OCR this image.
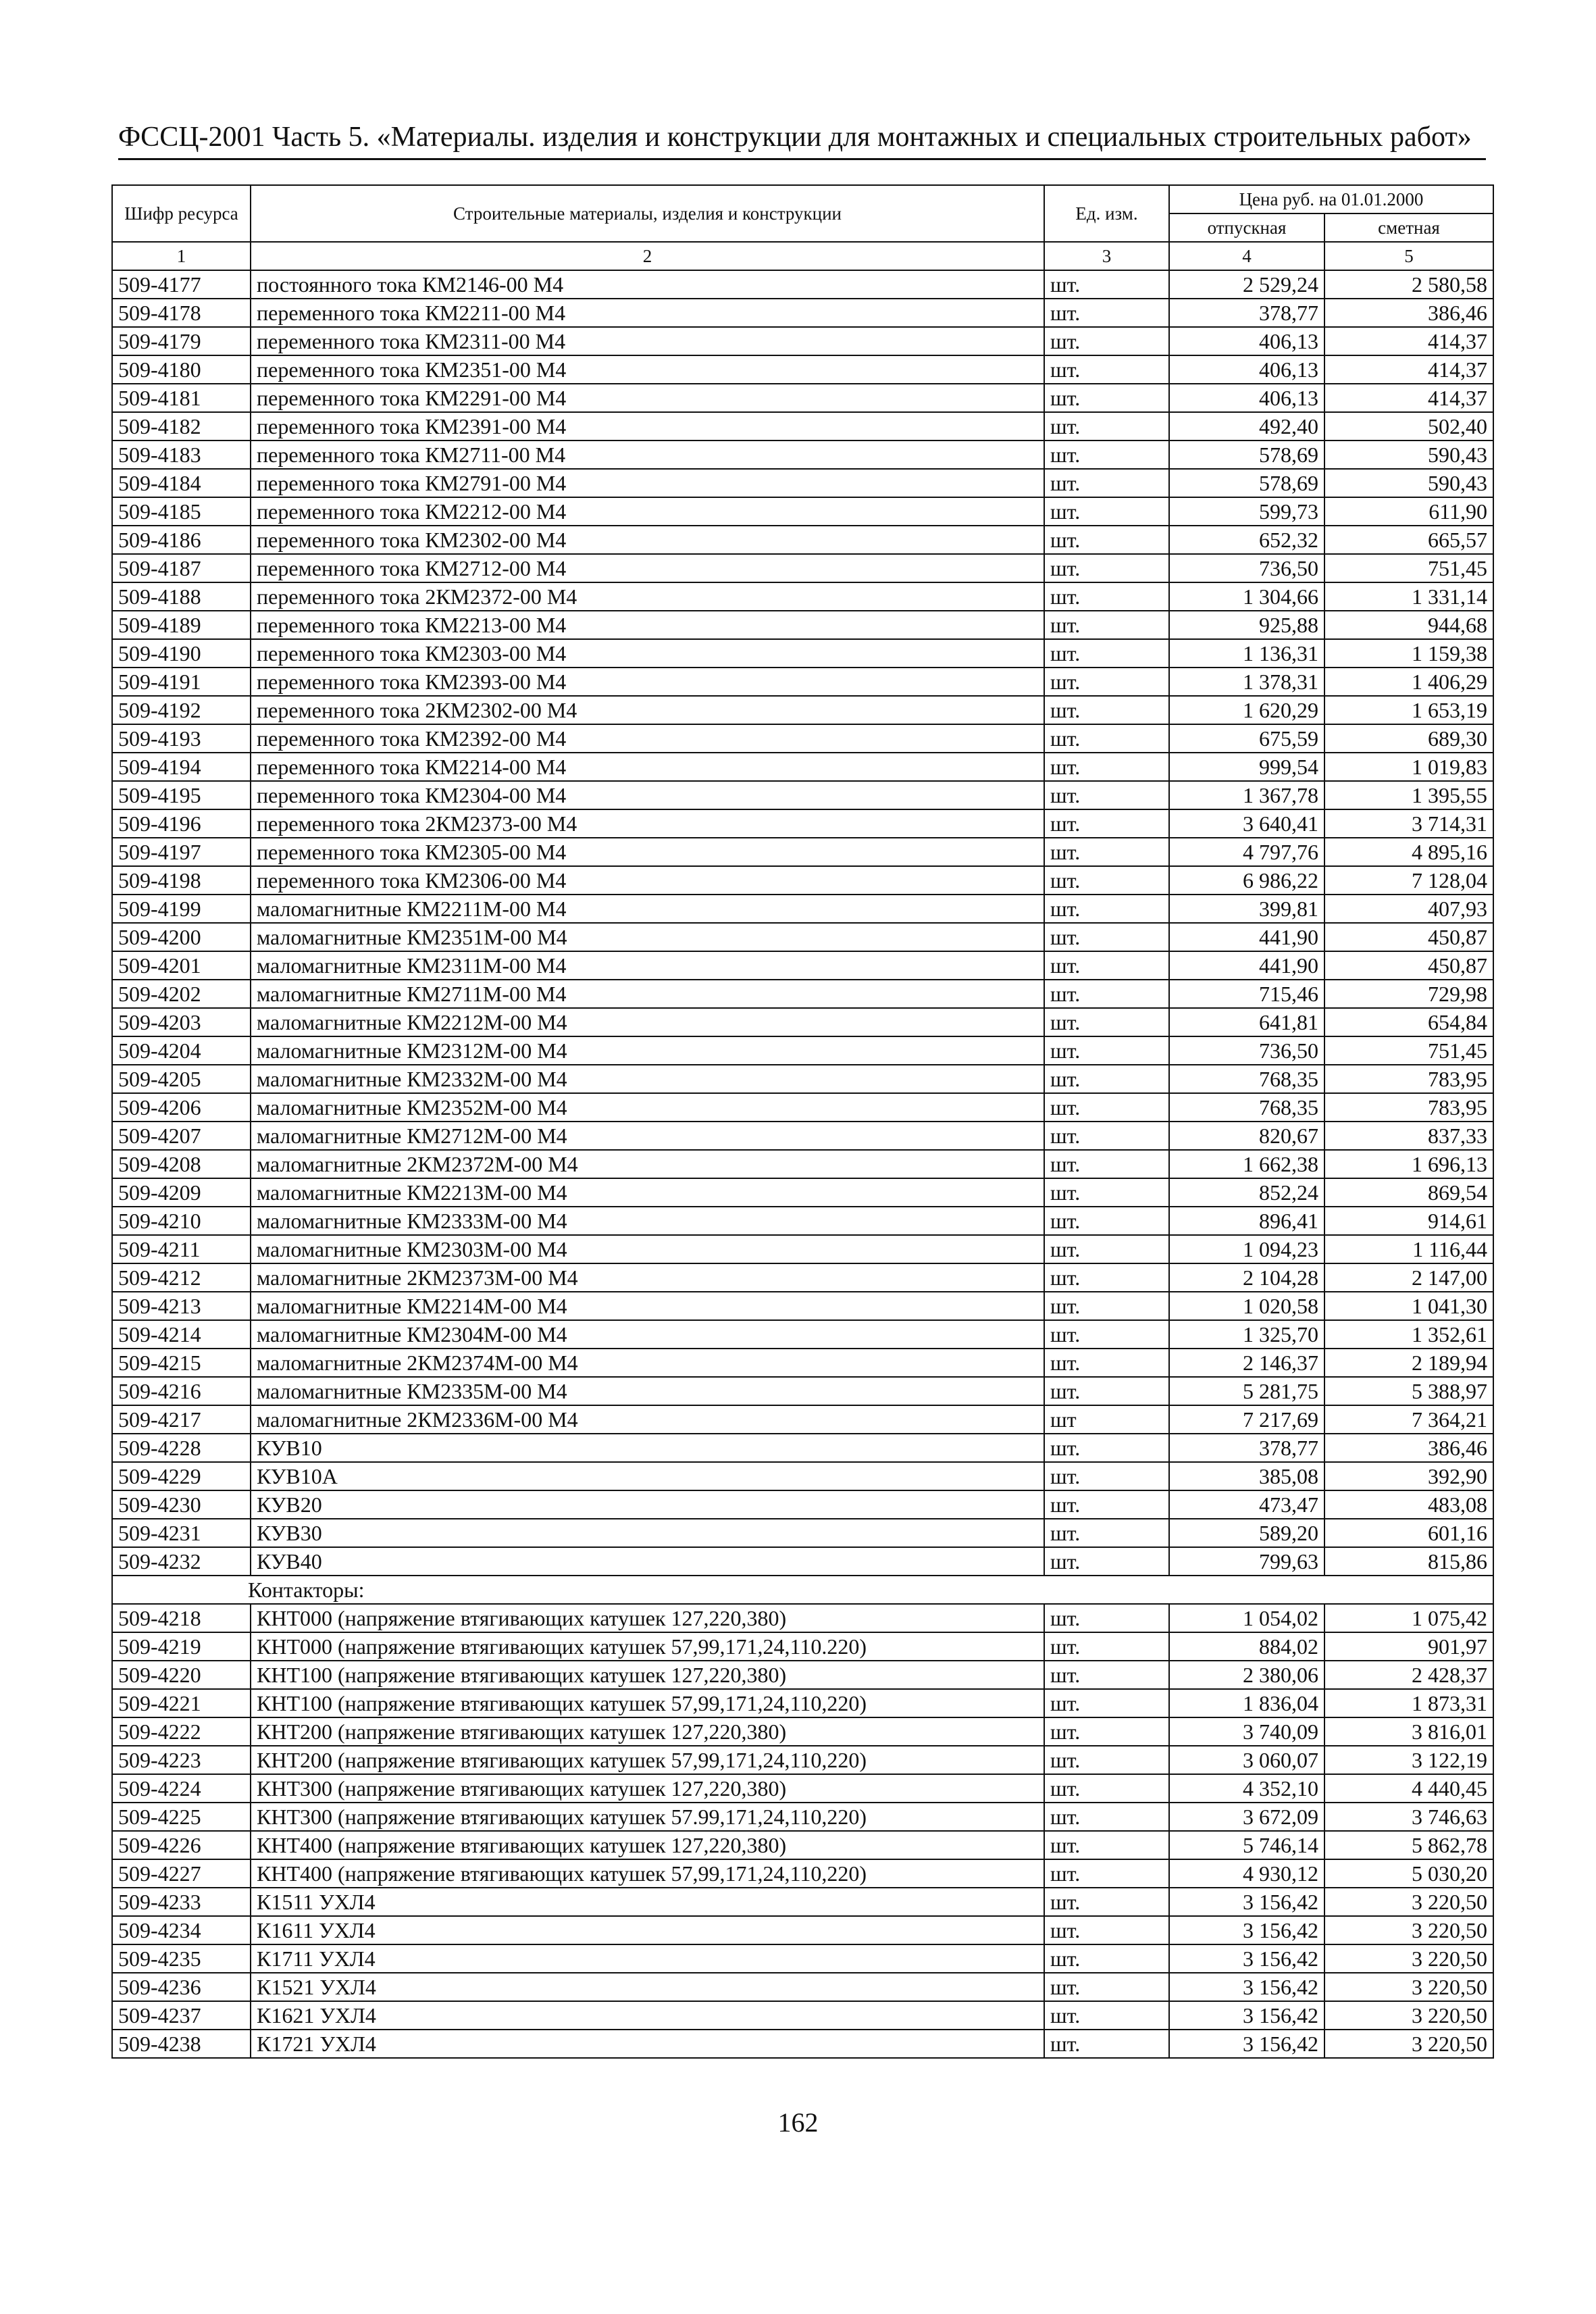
ФССЦ-2001 Часть 5. «Материалы. изделия и конструкции для монтажных и специальных строительных работ»
Шифр ресурса	Строительные материалы, изделия и конструкции	Ед. изм.	Цена руб. на 01.01.2000	
			отпускная	сметная
1	2	3	4	5
509-4177	постоянного тока КМ2146-00 М4	шт.	2 529,24	2 580,58
509-4178	переменного тока КМ2211-00 М4	шт.	378,77	386,46
509-4179	переменного тока КМ2311-00 М4	шт.	406,13	414,37
509-4180	переменного тока КМ2351-00 М4	шт.	406,13	414,37
509-4181	переменного тока КМ2291-00 М4	шт.	406,13	414,37
509-4182	переменного тока КМ2391-00 М4	шт.	492,40	502,40
509-4183	переменного тока КМ2711-00 М4	шт.	578,69	590,43
509-4184	переменного тока КМ2791-00 М4	шт.	578,69	590,43
509-4185	переменного тока КМ2212-00 М4	шт.	599,73	611,90
509-4186	переменного тока КМ2302-00 М4	шт.	652,32	665,57
509-4187	переменного тока КМ2712-00 М4	шт.	736,50	751,45
509-4188	переменного тока 2КМ2372-00 М4	шт.	1 304,66	1 331,14
509-4189	переменного тока КМ2213-00 М4	шт.	925,88	944,68
509-4190	переменного тока КМ2303-00 М4	шт.	1 136,31	1 159,38
509-4191	переменного тока КМ2393-00 М4	шт.	1 378,31	1 406,29
509-4192	переменного тока 2КМ2302-00 М4	шт.	1 620,29	1 653,19
509-4193	переменного тока КМ2392-00 М4	шт.	675,59	689,30
509-4194	переменного тока КМ2214-00 М4	шт.	999,54	1 019,83
509-4195	переменного тока КМ2304-00 М4	шт.	1 367,78	1 395,55
509-4196	переменного тока 2КМ2373-00 М4	шт.	3 640,41	3 714,31
509-4197	переменного тока КМ2305-00 М4	шт.	4 797,76	4 895,16
509-4198	переменного тока КМ2306-00 М4	шт.	6 986,22	7 128,04
509-4199	маломагнитные КМ2211М-00 М4	шт.	399,81	407,93
509-4200	маломагнитные КМ2351М-00 М4	шт.	441,90	450,87
509-4201	маломагнитные КМ2311М-00 М4	шт.	441,90	450,87
509-4202	маломагнитные КМ2711М-00 М4	шт.	715,46	729,98
509-4203	маломагнитные КМ2212М-00 М4	шт.	641,81	654,84
509-4204	маломагнитные КМ2312М-00 М4	шт.	736,50	751,45
509-4205	маломагнитные КМ2332М-00 М4	шт.	768,35	783,95
509-4206	маломагнитные КМ2352М-00 М4	шт.	768,35	783,95
509-4207	маломагнитные КМ2712М-00 М4	шт.	820,67	837,33
509-4208	маломагнитные 2КМ2372М-00 М4	шт.	1 662,38	1 696,13
509-4209	маломагнитные КМ2213М-00 М4	шт.	852,24	869,54
509-4210	маломагнитные КМ2333М-00 М4	шт.	896,41	914,61
509-4211	маломагнитные КМ2303М-00 М4	шт.	1 094,23	1 116,44
509-4212	маломагнитные 2КМ2373М-00 М4	шт.	2 104,28	2 147,00
509-4213	маломагнитные КМ2214М-00 М4	шт.	1 020,58	1 041,30
509-4214	маломагнитные КМ2304М-00 М4	шт.	1 325,70	1 352,61
509-4215	маломагнитные 2КМ2374М-00 М4	шт.	2 146,37	2 189,94
509-4216	маломагнитные КМ2335М-00 М4	шт.	5 281,75	5 388,97
509-4217	маломагнитные 2КМ2336М-00 М4	шт	7 217,69	7 364,21
509-4228	КУВ10	шт.	378,77	386,46
509-4229	КУВ10А	шт.	385,08	392,90
509-4230	КУВ20	шт.	473,47	483,08
509-4231	КУВ30	шт.	589,20	601,16
509-4232	КУВ40	шт.	799,63	815,86
Контакторы:				
509-4218	КНТ000 (напряжение втягивающих катушек 127,220,380)	шт.	1 054,02	1 075,42
509-4219	КНТ000 (напряжение втягивающих катушек 57,99,171,24,110.220)	шт.	884,02	901,97
509-4220	КНТ100 (напряжение втягивающих катушек 127,220,380)	шт.	2 380,06	2 428,37
509-4221	КНТ100 (напряжение втягивающих катушек 57,99,171,24,110,220)	шт.	1 836,04	1 873,31
509-4222	КНТ200 (напряжение втягивающих катушек 127,220,380)	шт.	3 740,09	3 816,01
509-4223	КНТ200 (напряжение втягивающих катушек 57,99,171,24,110,220)	шт.	3 060,07	3 122,19
509-4224	КНТ300 (напряжение втягивающих катушек 127,220,380)	шт.	4 352,10	4 440,45
509-4225	КНТ300 (напряжение втягивающих катушек 57.99,171,24,110,220)	шт.	3 672,09	3 746,63
509-4226	КНТ400 (напряжение втягивающих катушек 127,220,380)	шт.	5 746,14	5 862,78
509-4227	КНТ400 (напряжение втягивающих катушек 57,99,171,24,110,220)	шт.	4 930,12	5 030,20
509-4233	К1511 УХЛ4	шт.	3 156,42	3 220,50
509-4234	К1611 УХЛ4	шт.	3 156,42	3 220,50
509-4235	К1711 УХЛ4	шт.	3 156,42	3 220,50
509-4236	К1521 УХЛ4	шт.	3 156,42	3 220,50
509-4237	К1621 УХЛ4	шт.	3 156,42	3 220,50
509-4238	К1721 УХЛ4	шт.	3 156,42	3 220,50
162
